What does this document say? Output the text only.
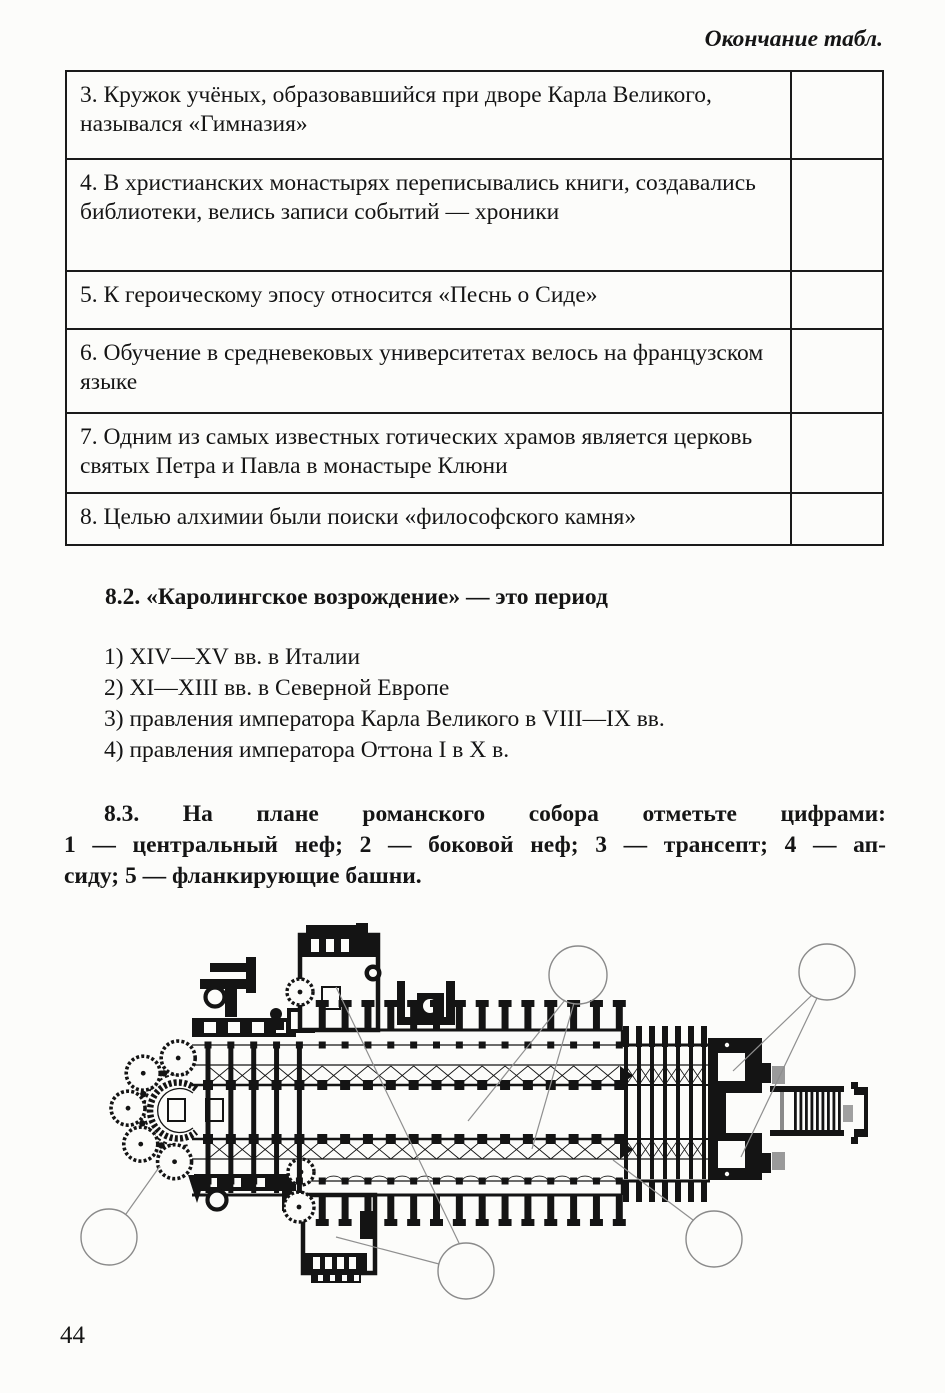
Окончание табл.
3. Кружок учёных, образовавшийся при дворе Карла Великого, назывался «Гимназия»	
4. В христианских монастырях переписывались книги, создавались библиотеки, велись записи событий — хроники	
5. К героическому эпосу относится «Песнь о Сиде»	
6. Обучение в средневековых университетах велось на французском языке	
7. Одним из самых известных готических храмов является церковь святых Петра и Павла в монастыре Клюни	
8. Целью алхимии были поиски «философского камня»	
8.2. «Каролингское возрождение» — это период
1) XIV—XV вв. в Италии
2) XI—XIII вв. в Северной Европе
3) правления императора Карла Великого в VIII—IX вв.
4) правления императора Оттона I в X в.
8.3. На плане романского собора отметьте цифрами:
1 — центральный неф; 2 — боковой неф; 3 — трансепт; 4 — ап-
сиду; 5 — фланкирующие башни.
44
